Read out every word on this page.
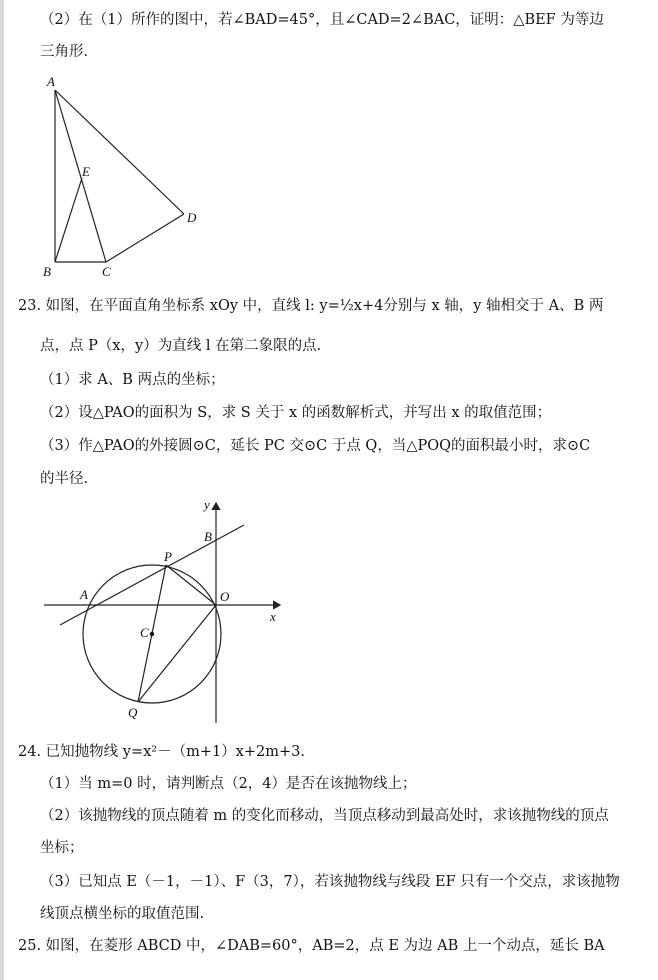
（2）在（1）所作的图中，若∠BAD=45°，且∠CAD=2∠BAC，证明：△BEF 为等边
三角形.
A
E
D
B	C
23. 如图，在平面直角坐标系 xOy 中，直线 l: y=½x+4分别与 x 轴，y 轴相交于 A、B 两
点，点 P（x，y）为直线 l 在第二象限的点.
（1）求 A、B 两点的坐标；
（2）设△PAO的面积为 S，求 S 关于 x 的函数解析式，并写出 x 的取值范围；
（3）作△PAO的外接圆⊙C，延长 PC 交⊙C 于点 Q，当△POQ的面积最小时，求⊙C
的半径.
y
B
P
A	O
x
C
Q
24. 已知抛物线 y=x²－（m+1）x+2m+3.
（1）当 m=0 时，请判断点（2，4）是否在该抛物线上；
（2）该抛物线的顶点随着 m 的变化而移动，当顶点移动到最高处时，求该抛物线的顶点
坐标；
（3）已知点 E（－1，－1）、F（3，7），若该抛物线与线段 EF 只有一个交点，求该抛物
线顶点横坐标的取值范围.
25. 如图，在菱形 ABCD 中，∠DAB=60°，AB=2，点 E 为边 AB 上一个动点，延长 BA
